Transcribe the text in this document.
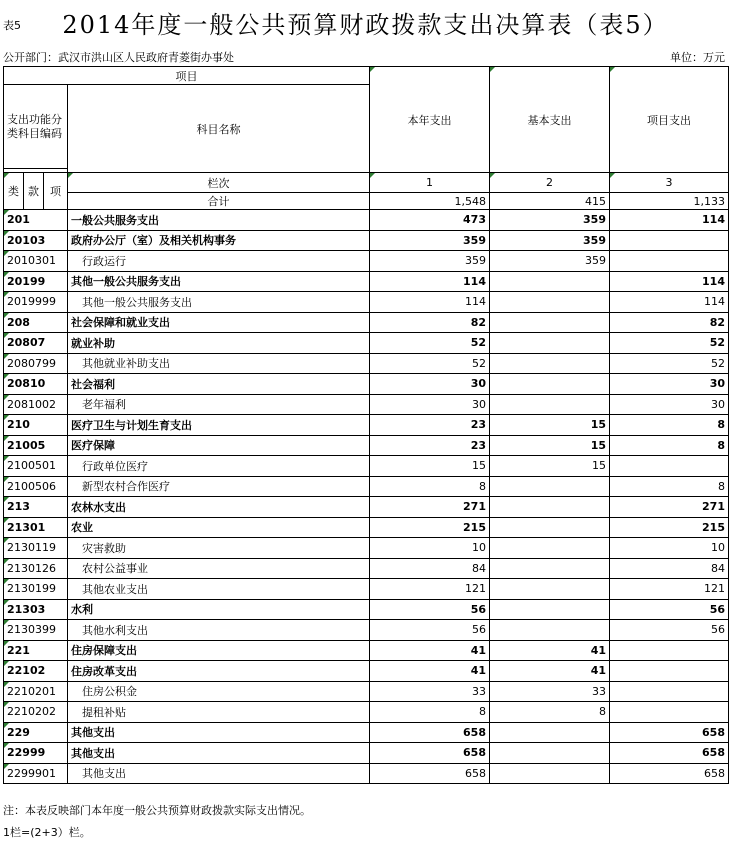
表5	2014年度一般公共预算财政拨款支出决算表（表5）
公开部门：武汉市洪山区人民政府青菱街办事处	单位：万元
项目				本年支出	基本支出	项目支出
支出功能分类科目编码			科目名称			

类	款	项	栏次	1	2	3
			合计	1,548	415	1,133
201			一般公共服务支出	473	359	114
20103			政府办公厅（室）及相关机构事务	359	359	
2010301			行政运行	359	359	
20199			其他一般公共服务支出	114		114
2019999			其他一般公共服务支出	114		114
208			社会保障和就业支出	82		82
20807			就业补助	52		52
2080799			其他就业补助支出	52		52
20810			社会福利	30		30
2081002			老年福利	30		30
210			医疗卫生与计划生育支出	23	15	8
21005			医疗保障	23	15	8
2100501			行政单位医疗	15	15	
2100506			新型农村合作医疗	8		8
213			农林水支出	271		271
21301			农业	215		215
2130119			灾害救助	10		10
2130126			农村公益事业	84		84
2130199			其他农业支出	121		121
21303			水利	56		56
2130399			其他水利支出	56		56
221			住房保障支出	41	41	
22102			住房改革支出	41	41	
2210201			住房公积金	33	33	
2210202			提租补贴	8	8	
229			其他支出	658		658
22999			其他支出	658		658
2299901			其他支出	658		658
注：本表反映部门本年度一般公共预算财政拨款实际支出情况。
1栏=(2+3）栏。
